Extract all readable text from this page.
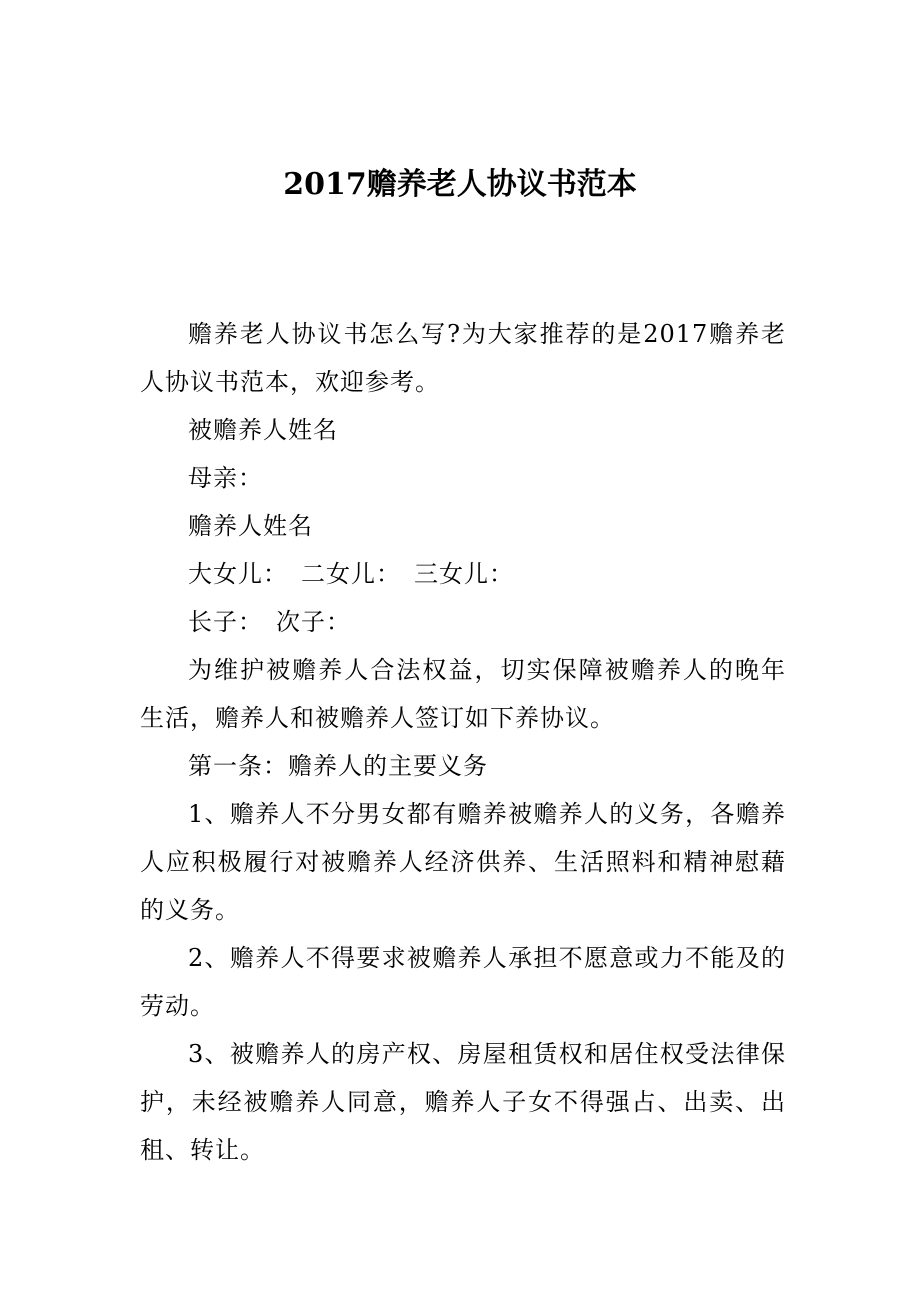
2017赡养老人协议书范本

赡养老人协议书怎么写?为大家推荐的是2017赡养老人协议书范本，欢迎参考。

被赡养人姓名

母亲：

赡养人姓名

大女儿：　二女儿：　三女儿：

长子：　次子：

为维护被赡养人合法权益，切实保障被赡养人的晚年生活，赡养人和被赡养人签订如下养协议。

第一条：赡养人的主要义务

1、赡养人不分男女都有赡养被赡养人的义务，各赡养人应积极履行对被赡养人经济供养、生活照料和精神慰藉的义务。

2、赡养人不得要求被赡养人承担不愿意或力不能及的劳动。

3、被赡养人的房产权、房屋租赁权和居住权受法律保护，未经被赡养人同意，赡养人子女不得强占、出卖、出租、转让。
